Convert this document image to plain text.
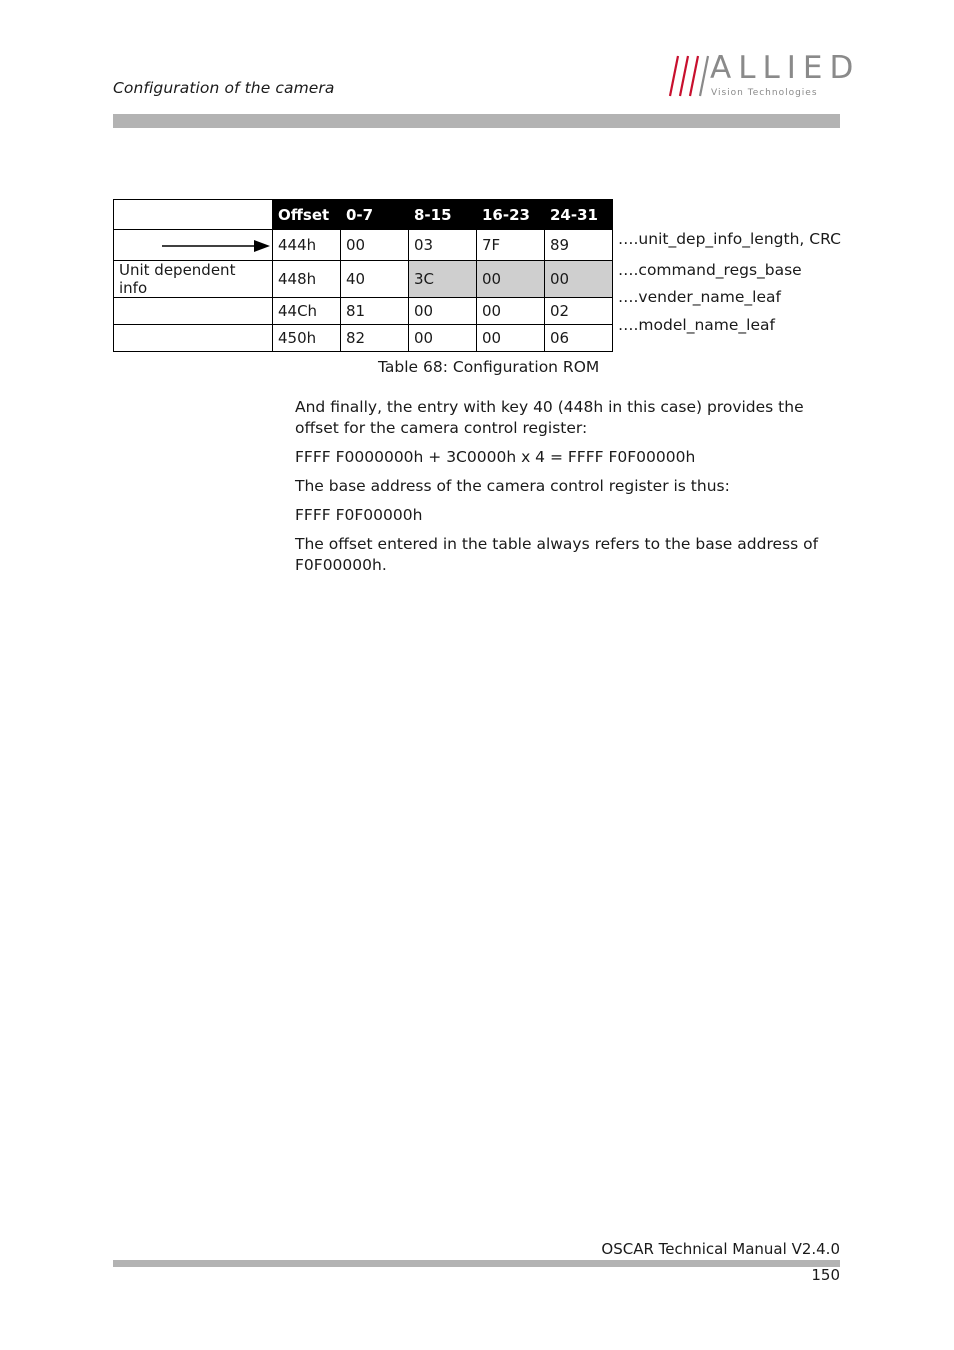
Configuration of the camera
ALLIED
Vision Technologies
	Offset	0-7	8-15	16-23	24-31

	444h	00	03	7F	89
Unit dependent info	448h	40	3C	00	00
	44Ch	81	00	00	02
	450h	82	00	00	06
….unit_dep_info_length, CRC
….command_regs_base
….vender_name_leaf
….model_name_leaf
Table 68: Configuration ROM
And finally, the entry with key 40 (448h in this case) provides the offset for the camera control register:
FFFF F0000000h + 3C0000h x 4 = FFFF F0F00000h
The base address of the camera control register is thus:
FFFF F0F00000h
The offset entered in the table always refers to the base address of F0F00000h.
OSCAR Technical Manual V2.4.0
150
